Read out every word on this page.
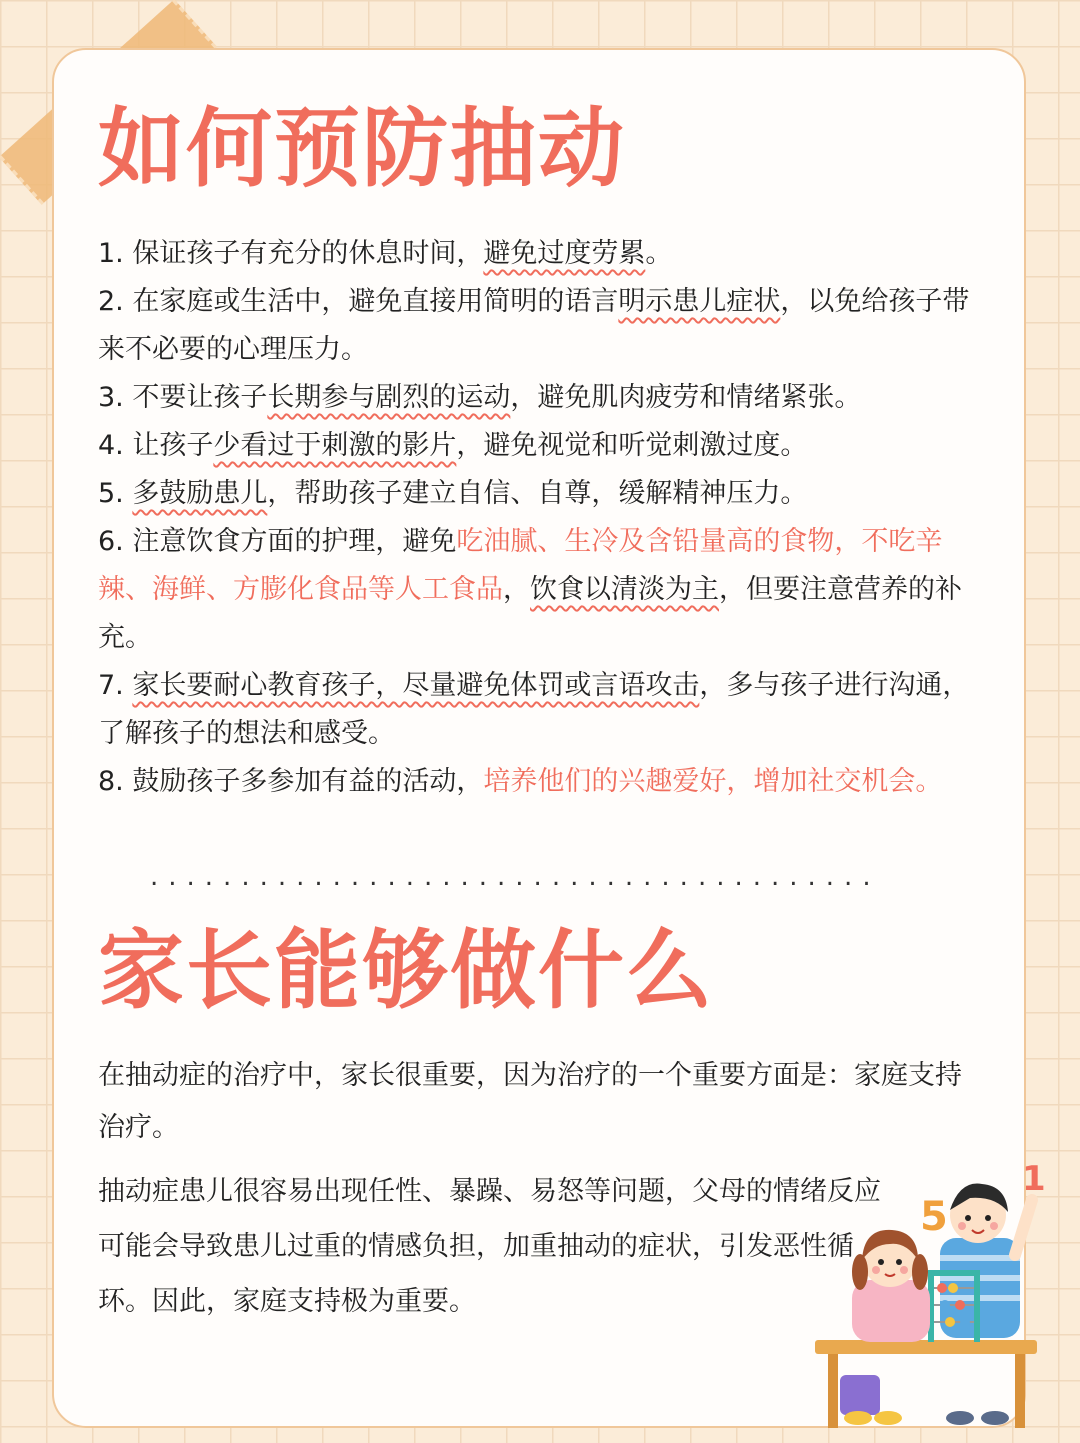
如何预防抽动
1. 保证孩子有充分的休息时间，避免过度劳累。
2. 在家庭或生活中，避免直接用简明的语言明示患儿症状，以免给孩子带来不必要的心理压力。
3. 不要让孩子长期参与剧烈的运动，避免肌肉疲劳和情绪紧张。
4. 让孩子少看过于刺激的影片，避免视觉和听觉刺激过度。
5. 多鼓励患儿，帮助孩子建立自信、自尊，缓解精神压力。
6. 注意饮食方面的护理，避免吃油腻、生冷及含铅量高的食物，不吃辛辣、海鲜、方膨化食品等人工食品，饮食以清淡为主，但要注意营养的补充。
7. 家长要耐心教育孩子，尽量避免体罚或言语攻击，多与孩子进行沟通，了解孩子的想法和感受。
8. 鼓励孩子多参加有益的活动，培养他们的兴趣爱好，增加社交机会。
........................................
家长能够做什么

在抽动症的治疗中，家长很重要，因为治疗的一个重要方面是：家庭支持治疗。

抽动症患儿很容易出现任性、暴躁、易怒等问题，父母的情绪反应可能会导致患儿过重的情感负担，加重抽动的症状，引发恶性循环。因此，家庭支持极为重要。

1
5
